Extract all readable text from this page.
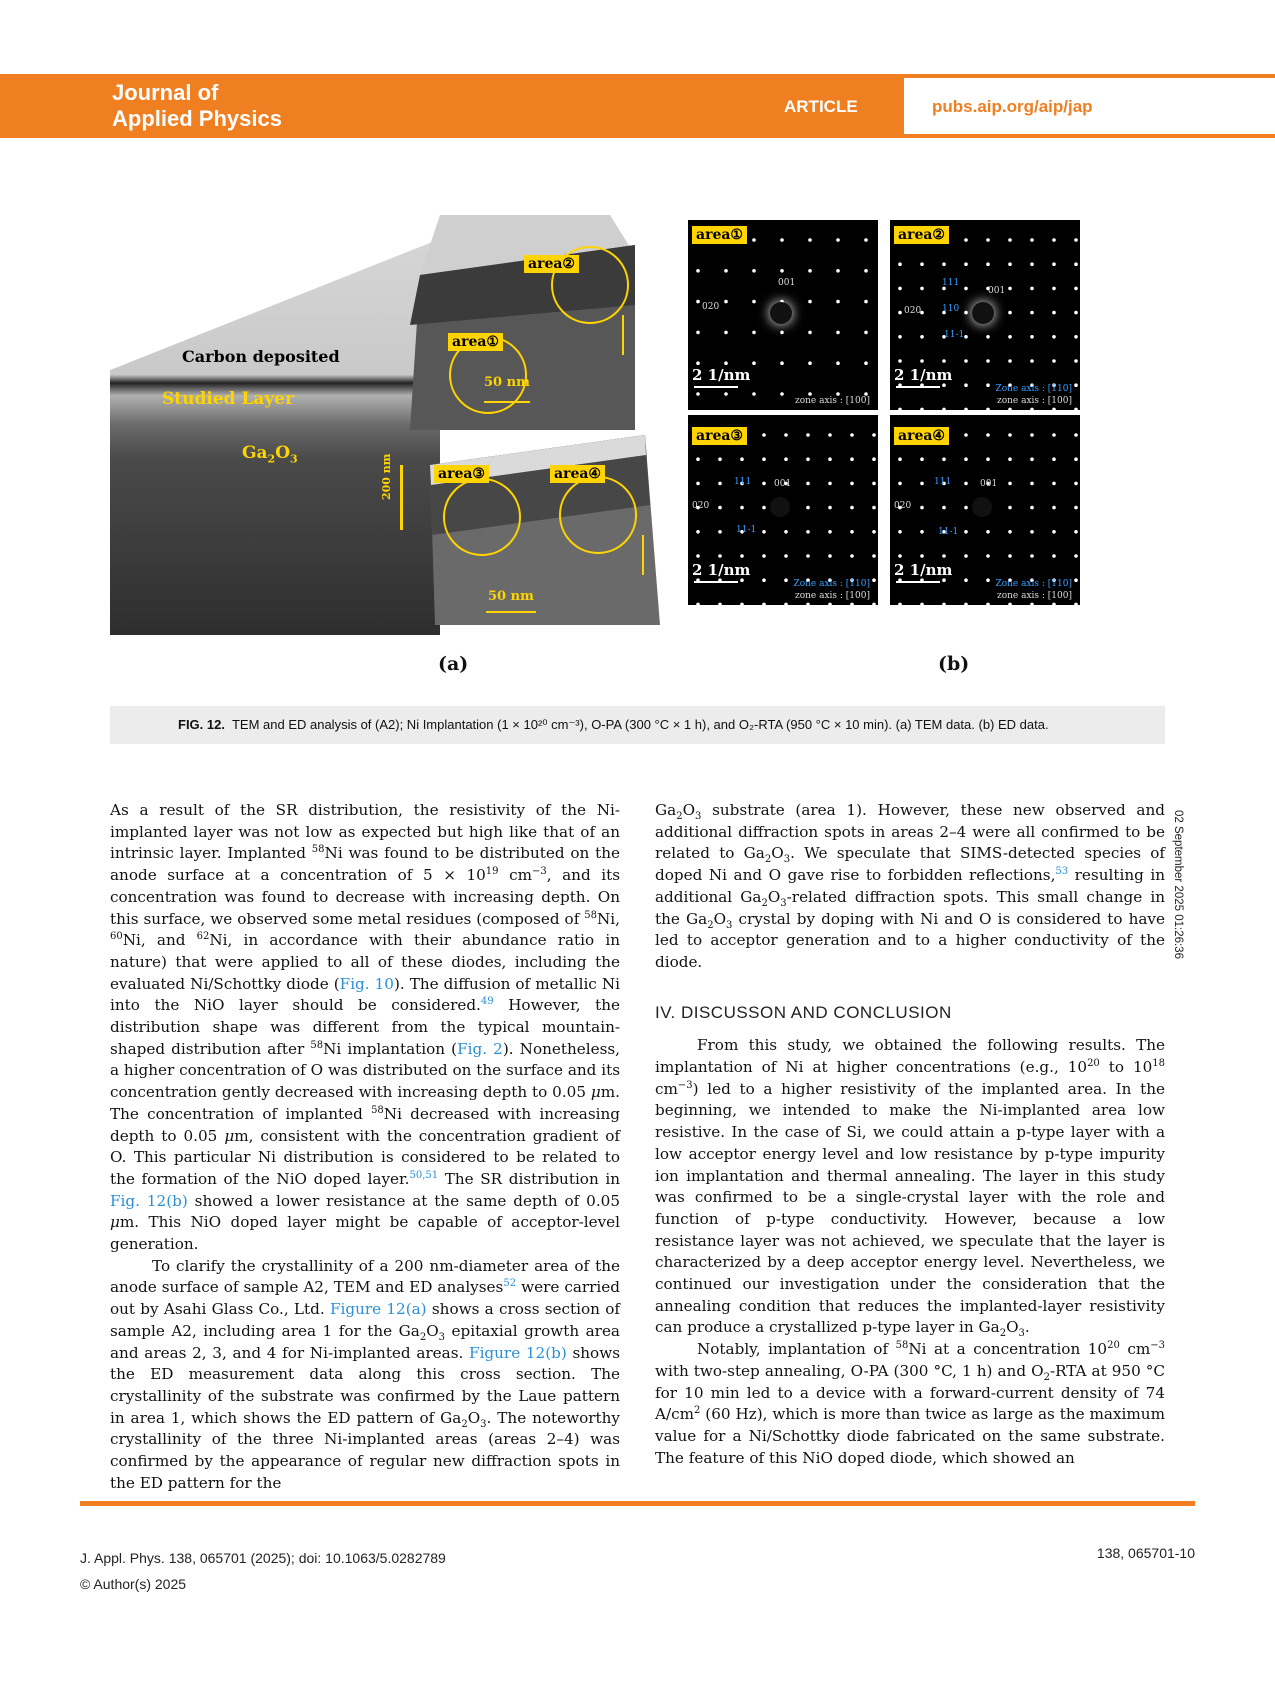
Journal of
Applied Physics	ARTICLE	pubs.aip.org/aip/jap
Carbon deposited
Studied Layer
$Ga_2O_3$	200 nm
area②
area①
50 nm
area③	area④
50 nm
(a)
area①
001
020
2 1/nm
zone axis : [100]
area②
111
001
020 110
11-1
2 1/nm
Zone axis : [110]
zone axis : [100]
area③
111	001
020
11-1
2 1/nm
Zone axis : [110]
zone axis : [100]
area④
111	001
020
11-1
2 1/nm
Zone axis : [110]
zone axis : [100]
(b)
FIG. 12. TEM and ED analysis of (A2); Ni Implantation (1 × 10²⁰ cm⁻³), O-PA (300 °C × 1 h), and O₂-RTA (950 °C × 10 min). (a) TEM data. (b) ED data.

As a result of the SR distribution, the resistivity of the Ni-implanted layer was not low as expected but high like that of an intrinsic layer. Implanted $^{58}$Ni was found to be distributed on the anode surface at a concentration of $5 \times 10^{19}$ $cm^{-3}$, and its concentration was found to decrease with increasing depth. On this surface, we observed some metal residues (composed of $^{58}$Ni, $^{60}$Ni, and $^{62}$Ni, in accordance with their abundance ratio in nature) that were applied to all of these diodes, including the evaluated Ni/Schottky diode (Fig. 10). The diffusion of metallic Ni into the NiO layer should be considered.$^{49}$ However, the distribution shape was different from the typical mountain-shaped distribution after $^{58}$Ni implantation (Fig. 2). Nonetheless, a higher concentration of O was distributed on the surface and its concentration gently decreased with increasing depth to 0.05 μm. The concentration of implanted $^{58}$Ni decreased with increasing depth to 0.05 μm, consistent with the concentration gradient of O. This particular Ni distribution is considered to be related to the formation of the NiO doped layer.$^{50,51}$ The SR distribution in Fig. 12(b) showed a lower resistance at the same depth of 0.05 μm. This NiO doped layer might be capable of acceptor-level generation.

To clarify the crystallinity of a 200 nm-diameter area of the anode surface of sample A2, TEM and ED analyses$^{52}$ were carried out by Asahi Glass Co., Ltd. Figure 12(a) shows a cross section of sample A2, including area 1 for the $Ga_2O_3$ epitaxial growth area and areas 2, 3, and 4 for Ni-implanted areas. Figure 12(b) shows the ED measurement data along this cross section. The crystallinity of the substrate was confirmed by the Laue pattern in area 1, which shows the ED pattern of $Ga_2O_3$. The noteworthy crystallinity of the three Ni-implanted areas (areas 2–4) was confirmed by the appearance of regular new diffraction spots in the ED pattern for the

$Ga_2O_3$ substrate (area 1). However, these new observed and additional diffraction spots in areas 2–4 were all confirmed to be related to $Ga_2O_3$. We speculate that SIMS-detected species of doped Ni and O gave rise to forbidden reflections,$^{53}$ resulting in additional $Ga_2O_3$-related diffraction spots. This small change in the $Ga_2O_3$ crystal by doping with Ni and O is considered to have led to acceptor generation and to a higher conductivity of the diode.

IV. DISCUSSON AND CONCLUSION

From this study, we obtained the following results. The implantation of Ni at higher concentrations (e.g., $10^{20}$ to $10^{18}$ $cm^{-3}$) led to a higher resistivity of the implanted area. In the beginning, we intended to make the Ni-implanted area low resistive. In the case of Si, we could attain a p-type layer with a low acceptor energy level and low resistance by p-type impurity ion implantation and thermal annealing. The layer in this study was confirmed to be a single-crystal layer with the role and function of p-type conductivity. However, because a low resistance layer was not achieved, we speculate that the layer is characterized by a deep acceptor energy level. Nevertheless, we continued our investigation under the consideration that the annealing condition that reduces the implanted-layer resistivity can produce a crystallized p-type layer in $Ga_2O_3$.

Notably, implantation of $^{58}$Ni at a concentration $10^{20}$ $cm^{-3}$ with two-step annealing, O-PA (300 °C, 1 h) and $O_2$-RTA at 950 °C for 10 min led to a device with a forward-current density of 74 $A/cm^2$ (60 Hz), which is more than twice as large as the maximum value for a Ni/Schottky diode fabricated on the same substrate. The feature of this NiO doped diode, which showed an

02 September 2025 01:26:36
J. Appl. Phys. 138, 065701 (2025); doi: 10.1063/5.0282789
© Author(s) 2025
138, 065701-10
